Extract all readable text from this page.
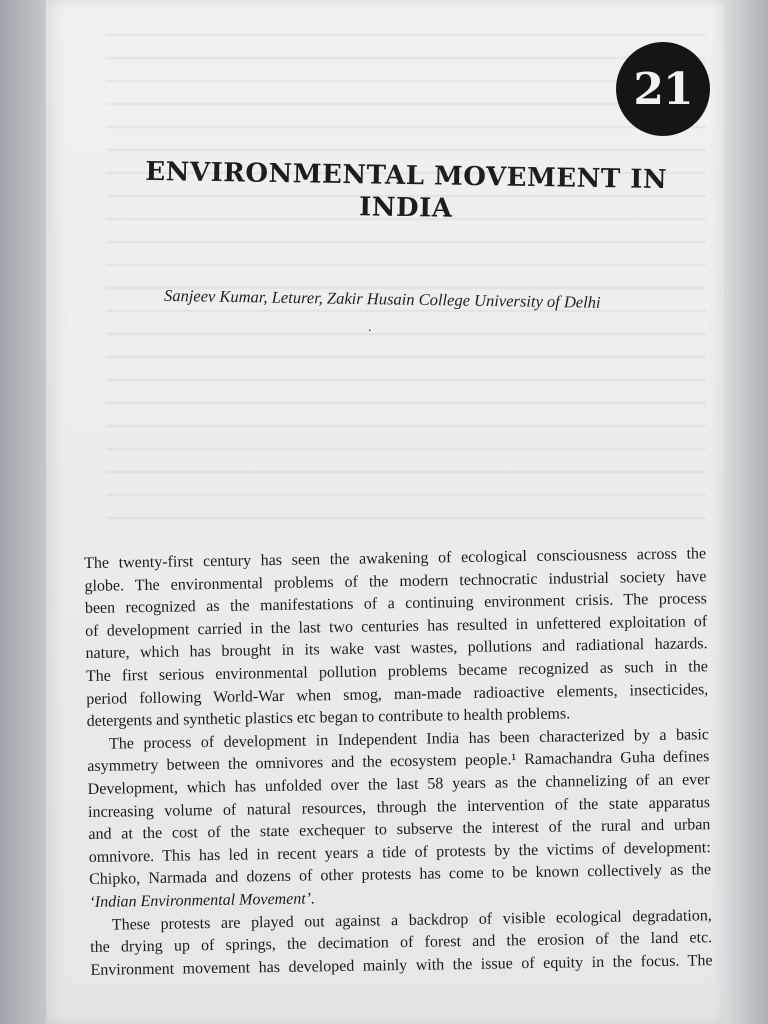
21
ENVIRONMENTAL MOVEMENT IN
INDIA
Sanjeev Kumar, Leturer, Zakir Husain College University of Delhi
.
The twenty-first century has seen the awakening of ecological consciousness across the
globe. The environmental problems of the modern technocratic industrial society have
been recognized as the manifestations of a continuing environment crisis. The process
of development carried in the last two centuries has resulted in unfettered exploitation of
nature, which has brought in its wake vast wastes, pollutions and radiational hazards.
The first serious environmental pollution problems became recognized as such in the
period following World-War when smog, man-made radioactive elements, insecticides,
detergents and synthetic plastics etc began to contribute to health problems.
The process of development in Independent India has been characterized by a basic
asymmetry between the omnivores and the ecosystem people.¹ Ramachandra Guha defines
Development, which has unfolded over the last 58 years as the channelizing of an ever
increasing volume of natural resources, through the intervention of the state apparatus
and at the cost of the state exchequer to subserve the interest of the rural and urban
omnivore. This has led in recent years a tide of protests by the victims of development:
Chipko, Narmada and dozens of other protests has come to be known collectively as the
‘Indian Environmental Movement’.
These protests are played out against a backdrop of visible ecological degradation,
the drying up of springs, the decimation of forest and the erosion of the land etc.
Environment movement has developed mainly with the issue of equity in the focus. The
